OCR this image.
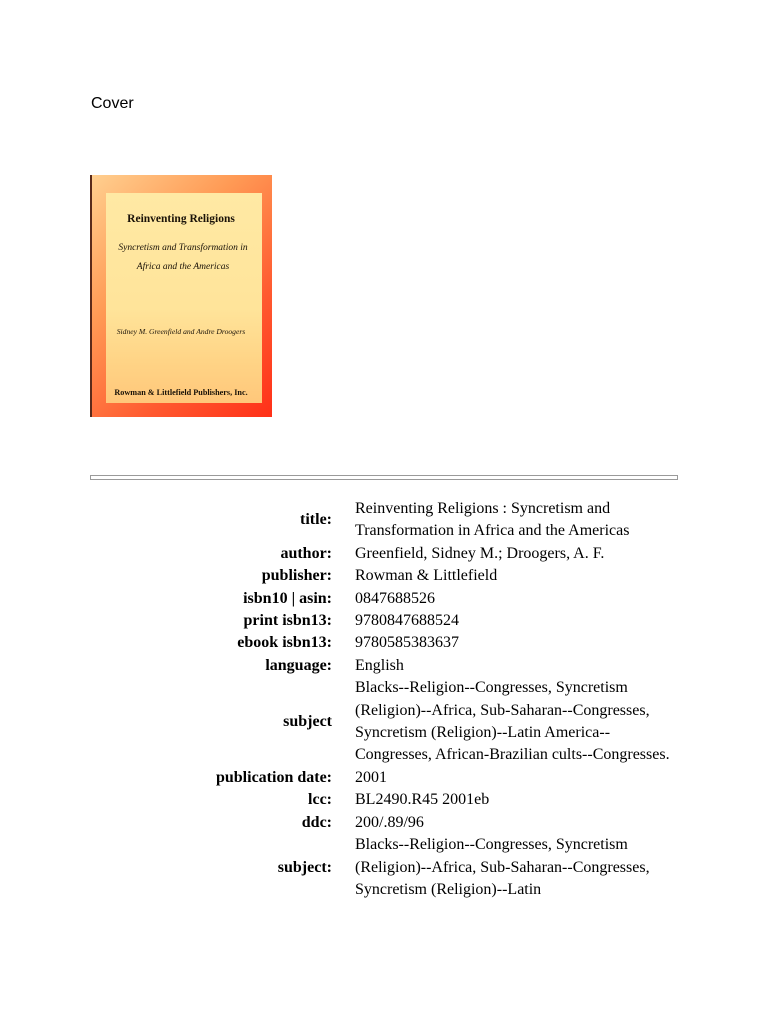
Cover
Reinventing Religions
Syncretism and Transformation in
Africa and the Americas
Sidney M. Greenfield and Andre Droogers
Rowman & Littlefield Publishers, Inc.
title:	Reinventing Religions : Syncretism and Transformation in Africa and the Americas
author:	Greenfield, Sidney M.; Droogers, A. F.
publisher:	Rowman & Littlefield
isbn10 | asin:	0847688526
print isbn13:	9780847688524
ebook isbn13:	9780585383637
language:	English
subject	Blacks--Religion--Congresses, Syncretism (Religion)--Africa, Sub-Saharan--Congresses, Syncretism (Religion)--Latin America--Congresses, African-Brazilian cults--Congresses.
publication date:	2001
lcc:	BL2490.R45 2001eb
ddc:	200/.89/96
subject:	Blacks--Religion--Congresses, Syncretism (Religion)--Africa, Sub-Saharan--Congresses, Syncretism (Religion)--Latin
